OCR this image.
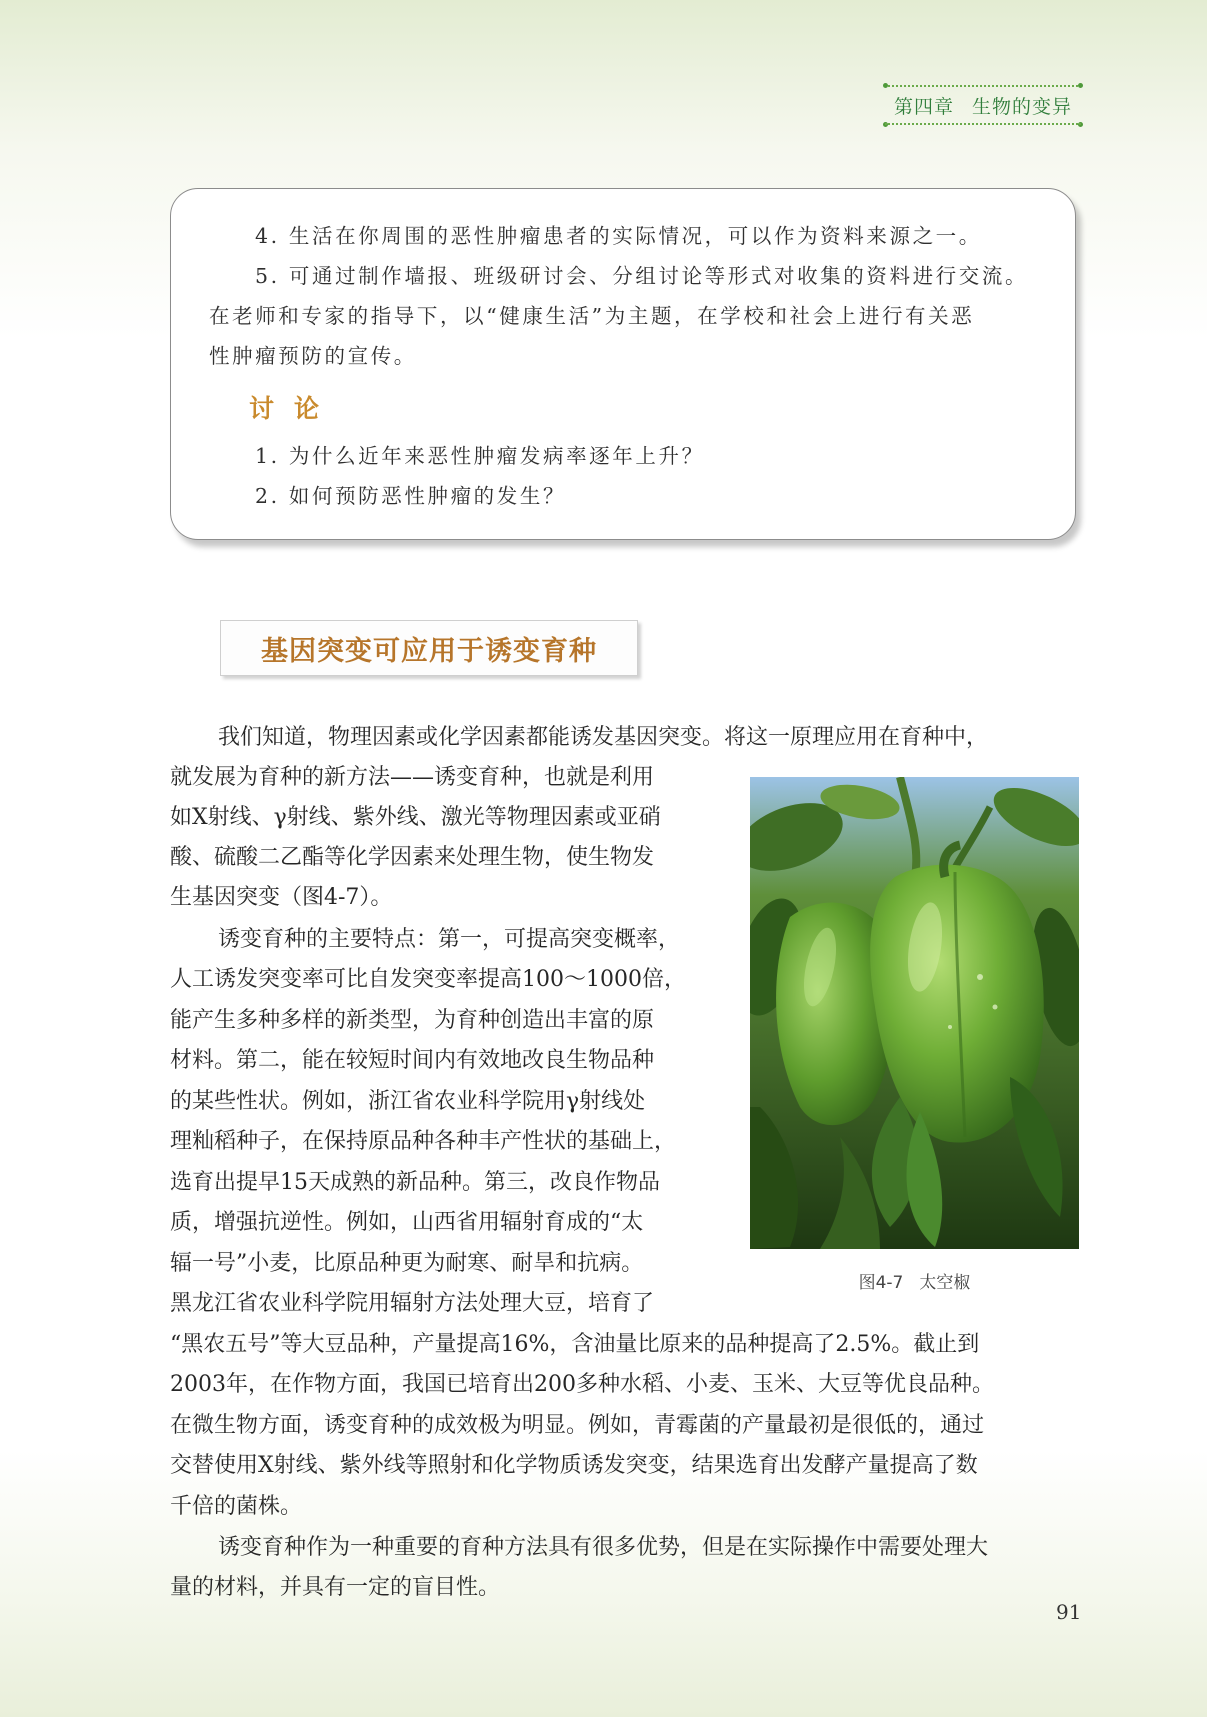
第四章 生物的变异
4. 生活在你周围的恶性肿瘤患者的实际情况，可以作为资料来源之一。
5. 可通过制作墙报、班级研讨会、分组讨论等形式对收集的资料进行交流。
在老师和专家的指导下，以“健康生活”为主题，在学校和社会上进行有关恶
性肿瘤预防的宣传。
讨论
1. 为什么近年来恶性肿瘤发病率逐年上升？
2. 如何预防恶性肿瘤的发生？
基因突变可应用于诱变育种
我们知道，物理因素或化学因素都能诱发基因突变。将这一原理应用在育种中，
就发展为育种的新方法——诱变育种，也就是利用
如X射线、γ射线、紫外线、激光等物理因素或亚硝
酸、硫酸二乙酯等化学因素来处理生物，使生物发
生基因突变（图4-7）。
诱变育种的主要特点：第一，可提高突变概率，
人工诱发突变率可比自发突变率提高100～1000倍，
能产生多种多样的新类型，为育种创造出丰富的原
材料。第二，能在较短时间内有效地改良生物品种
的某些性状。例如，浙江省农业科学院用γ射线处
理籼稻种子，在保持原品种各种丰产性状的基础上，
选育出提早15天成熟的新品种。第三，改良作物品
质，增强抗逆性。例如，山西省用辐射育成的“太
辐一号”小麦，比原品种更为耐寒、耐旱和抗病。
黑龙江省农业科学院用辐射方法处理大豆，培育了
“黑农五号”等大豆品种，产量提高16%，含油量比原来的品种提高了2.5%。截止到
2003年，在作物方面，我国已培育出200多种水稻、小麦、玉米、大豆等优良品种。
在微生物方面，诱变育种的成效极为明显。例如，青霉菌的产量最初是很低的，通过
交替使用X射线、紫外线等照射和化学物质诱发突变，结果选育出发酵产量提高了数
千倍的菌株。
诱变育种作为一种重要的育种方法具有很多优势，但是在实际操作中需要处理大
量的材料，并具有一定的盲目性。
图4-7 太空椒
91
